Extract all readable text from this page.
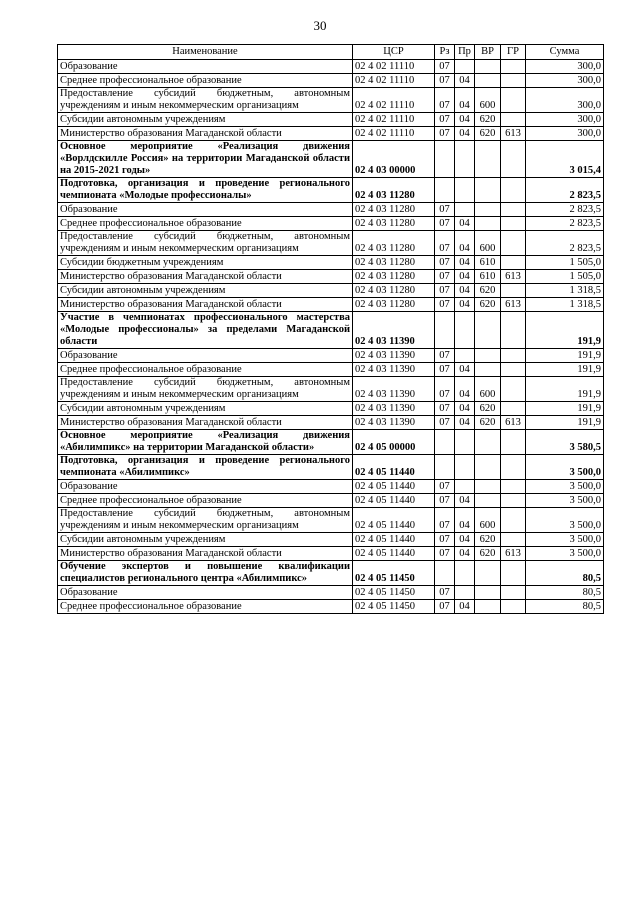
30
Наименование	ЦСР	Рз	Пр	ВР	ГР	Сумма
Образование	02 4 02 11110	07				300,0
Среднее профессиональное образование	02 4 02 11110	07	04			300,0
Предоставление субсидий бюджетным, автономным учреждениям и иным некоммерческим организациям	02 4 02 11110	07	04	600		300,0
Субсидии автономным учреждениям	02 4 02 11110	07	04	620		300,0
Министерство образования Магаданской области	02 4 02 11110	07	04	620	613	300,0
Основное мероприятие «Реализация движения «Ворлдскилле Россия» на территории Магаданской области на 2015-2021 годы»	02 4 03 00000					3 015,4
Подготовка, организация и проведение регионального чемпионата «Молодые профессионалы»	02 4 03 11280					2 823,5
Образование	02 4 03 11280	07				2 823,5
Среднее профессиональное образование	02 4 03 11280	07	04			2 823,5
Предоставление субсидий бюджетным, автономным учреждениям и иным некоммерческим организациям	02 4 03 11280	07	04	600		2 823,5
Субсидии бюджетным учреждениям	02 4 03 11280	07	04	610		1 505,0
Министерство образования Магаданской области	02 4 03 11280	07	04	610	613	1 505,0
Субсидии автономным учреждениям	02 4 03 11280	07	04	620		1 318,5
Министерство образования Магаданской области	02 4 03 11280	07	04	620	613	1 318,5
Участие в чемпионатах профессионального мастерства «Молодые профессионалы» за пределами Магаданской области	02 4 03 11390					191,9
Образование	02 4 03 11390	07				191,9
Среднее профессиональное образование	02 4 03 11390	07	04			191,9
Предоставление субсидий бюджетным, автономным учреждениям и иным некоммерческим организациям	02 4 03 11390	07	04	600		191,9
Субсидии автономным учреждениям	02 4 03 11390	07	04	620		191,9
Министерство образования Магаданской области	02 4 03 11390	07	04	620	613	191,9
Основное мероприятие «Реализация движения «Абилимпикс» на территории Магаданской области»	02 4 05 00000					3 580,5
Подготовка, организация и проведение регионального чемпионата «Абилимпикс»	02 4 05 11440					3 500,0
Образование	02 4 05 11440	07				3 500,0
Среднее профессиональное образование	02 4 05 11440	07	04			3 500,0
Предоставление субсидий бюджетным, автономным учреждениям и иным некоммерческим организациям	02 4 05 11440	07	04	600		3 500,0
Субсидии автономным учреждениям	02 4 05 11440	07	04	620		3 500,0
Министерство образования Магаданской области	02 4 05 11440	07	04	620	613	3 500,0
Обучение экспертов и повышение квалификации специалистов регионального центра «Абилимпикс»	02 4 05 11450					80,5
Образование	02 4 05 11450	07				80,5
Среднее профессиональное образование	02 4 05 11450	07	04			80,5
